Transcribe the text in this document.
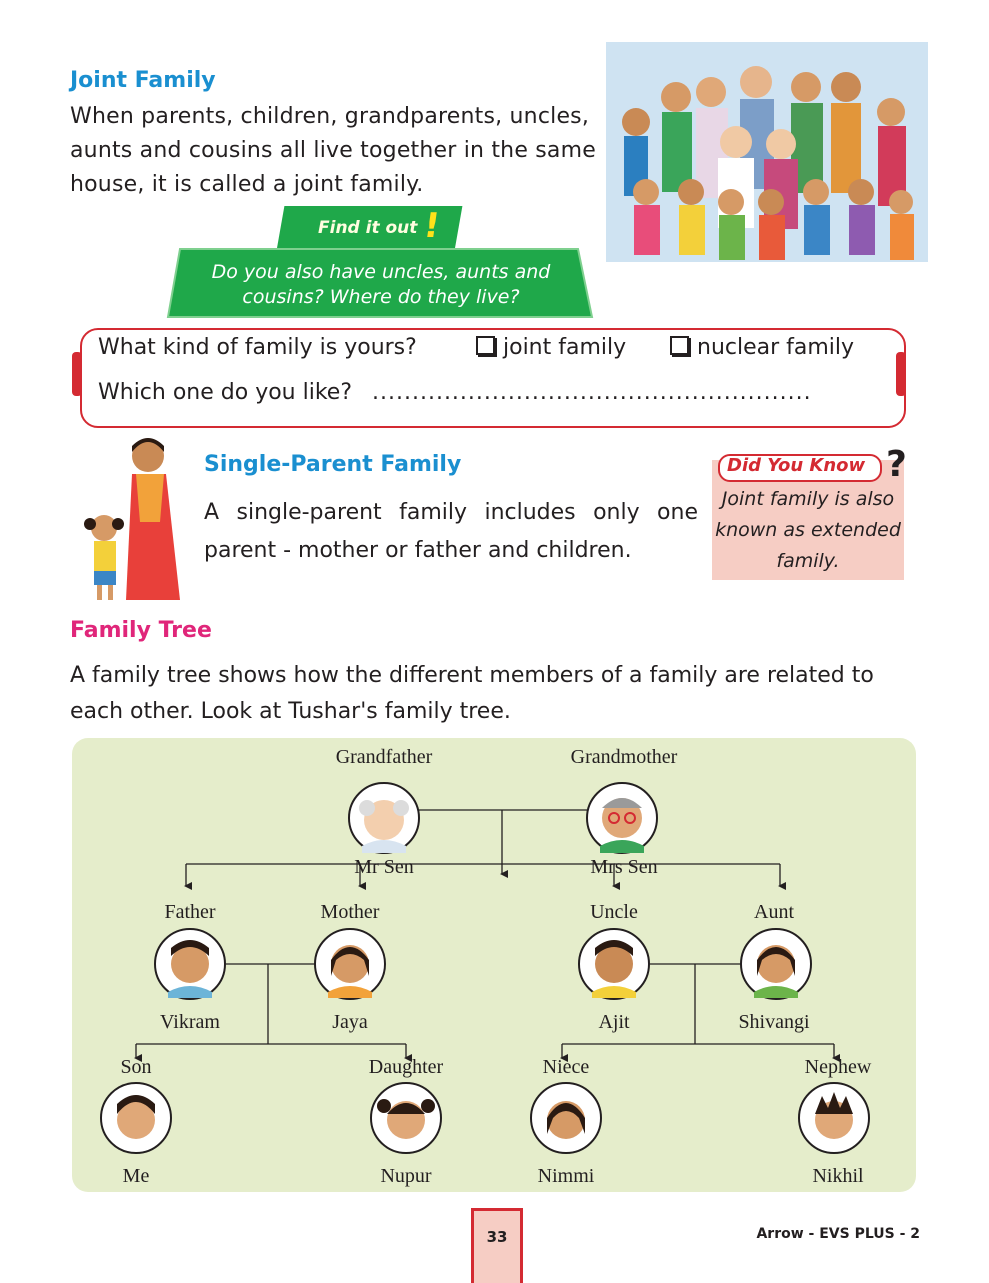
Joint Family
When parents, children, grandparents, uncles, aunts and cousins all live together in the same house, it is called a joint family.
Find it out !
Do you also have uncles, aunts and cousins? Where do they live?
What kind of family is yours?	joint family	nuclear family
Which one do you like? .......................................................
Single-Parent Family
A single-parent family includes only one parent - mother or father and children.
Did You Know ?
Joint family is also known as extended family.
Family Tree
A family tree shows how the different members of a family are related to each other. Look at Tushar's family tree.
Grandfather
Mr Sen
Grandmother
Mrs Sen
Father
Vikram
Mother
Jaya
Uncle
Ajit
Aunt
Shivangi
Son
Me
Daughter
Nupur
Niece
Nimmi
Nephew
Nikhil
33	Arrow - EVS PLUS - 2
